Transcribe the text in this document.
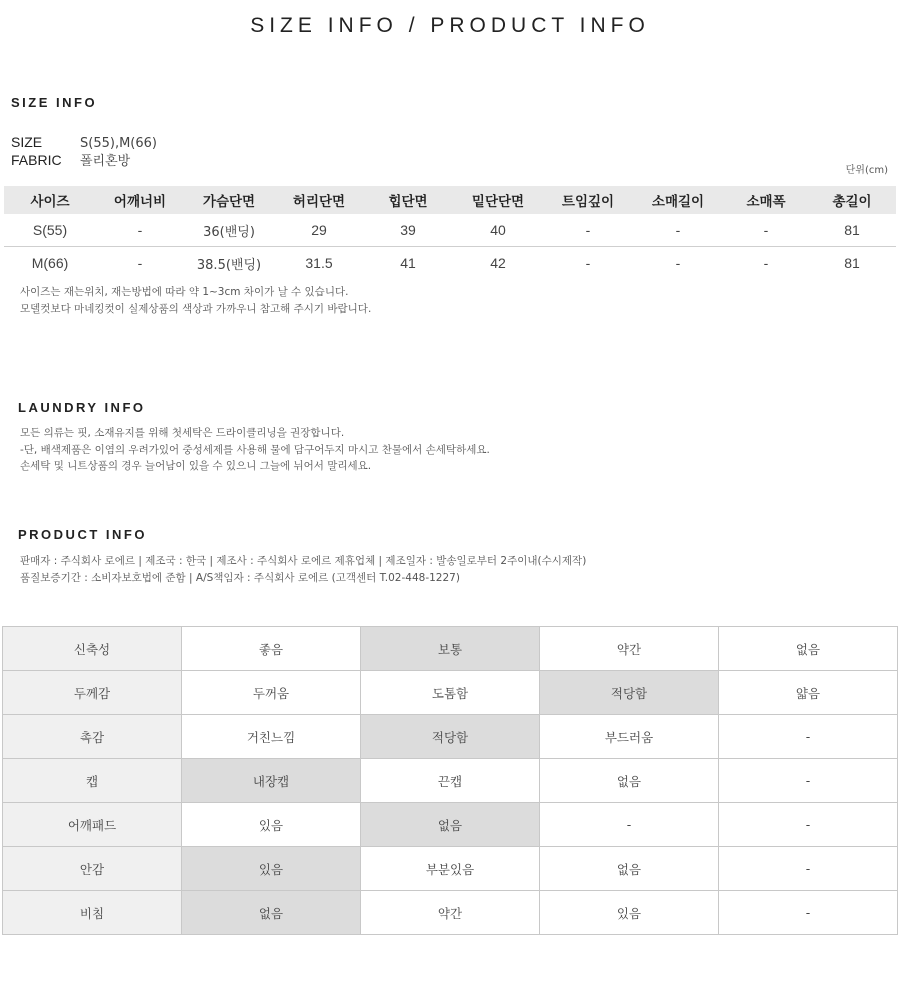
SIZE INFO / PRODUCT INFO
SIZE INFO
SIZE	S(55),M(66)
FABRIC 폴리혼방
단위(cm)
사이즈	어깨너비	가슴단면	허리단면	힙단면	밑단단면	트임깊이	소매길이	소매폭	총길이
S(55)	-	36(밴딩)	29	39	40	-	-	-	81
M(66)	-	38.5(밴딩)	31.5	41	42	-	-	-	81
사이즈는 재는위치, 재는방법에 따라 약 1~3cm 차이가 날 수 있습니다.
모델컷보다 마네킹컷이 실제상품의 색상과 가까우니 참고해 주시기 바랍니다.
LAUNDRY INFO
모든 의류는 핏, 소재유지를 위해 첫세탁은 드라이클리닝을 권장합니다.
-단, 배색제품은 이염의 우려가있어 중성세제를 사용해 물에 담구어두지 마시고 찬물에서 손세탁하세요.
손세탁 및 니트상품의 경우 늘어남이 있을 수 있으니 그늘에 뉘어서 말리세요.
PRODUCT INFO
판매자 : 주식회사 로에르 | 제조국 : 한국 | 제조사 : 주식회사 로에르 제휴업체 | 제조일자 : 발송일로부터 2주이내(수시제작)
품질보증기간 : 소비자보호법에 준함 | A/S책임자 : 주식회사 로에르 (고객센터 T.02-448-1227)
신축성	좋음	보통	약간	없음
두께감	두꺼움	도톰함	적당함	얇음
촉감	거친느낌	적당함	부드러움	-
캡	내장캡	끈캡	없음	-
어깨패드	있음	없음	-	-
안감	있음	부분있음	없음	-
비침	없음	약간	있음	-
